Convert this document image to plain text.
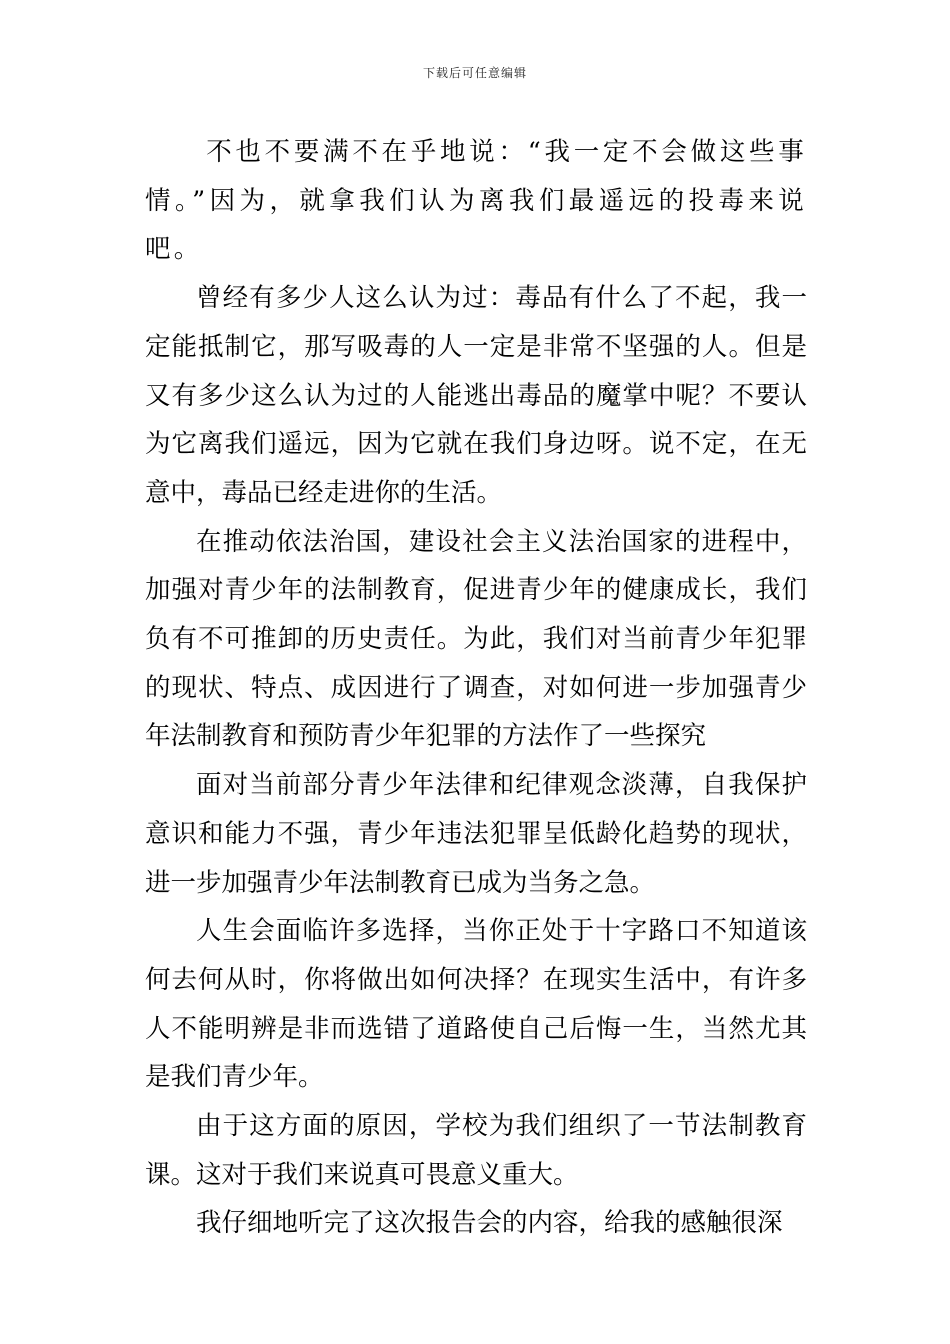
下载后可任意编辑

不也不要满不在乎地说：“我一定不会做这些事情。”因为，就拿我们认为离我们最遥远的投毒来说吧。

曾经有多少人这么认为过：毒品有什么了不起，我一定能抵制它，那写吸毒的人一定是非常不坚强的人。但是又有多少这么认为过的人能逃出毒品的魔掌中呢？不要认为它离我们遥远，因为它就在我们身边呀。说不定，在无意中，毒品已经走进你的生活。

在推动依法治国，建设社会主义法治国家的进程中，加强对青少年的法制教育，促进青少年的健康成长，我们负有不可推卸的历史责任。为此，我们对当前青少年犯罪的现状、特点、成因进行了调查，对如何进一步加强青少年法制教育和预防青少年犯罪的方法作了一些探究

面对当前部分青少年法律和纪律观念淡薄，自我保护意识和能力不强，青少年违法犯罪呈低龄化趋势的现状，进一步加强青少年法制教育已成为当务之急。

人生会面临许多选择，当你正处于十字路口不知道该何去何从时，你将做出如何决择？在现实生活中，有许多人不能明辨是非而选错了道路使自己后悔一生，当然尤其是我们青少年。

由于这方面的原因，学校为我们组织了一节法制教育课。这对于我们来说真可畏意义重大。

我仔细地听完了这次报告会的内容，给我的感触很深
